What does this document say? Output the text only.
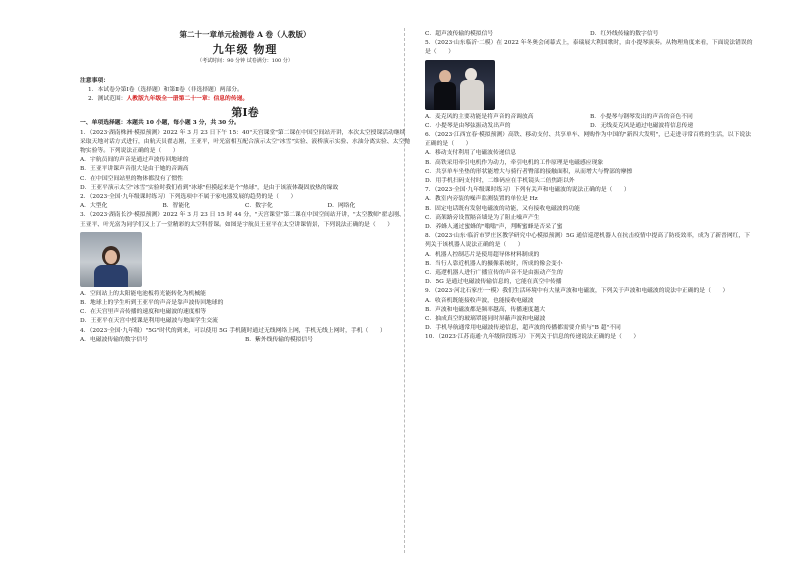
第二十一章单元检测卷 A 卷（人教版）
九年级 物理
（考试时间：90 分钟 试卷满分：100 分）
注意事项：
1．本试卷分第Ⅰ卷（选择题）和第Ⅱ卷（非选择题）两部分。
2．测试范围：人教版九年级全一册第二十一章：信息的传递。
第Ⅰ卷
一、单项选择题：本题共 10 小题，每小题 3 分，共 30 分。

1．（2023·湖南株洲·模拟预测）2022 年 3 月 23 日下午 15：40"天宫课堂"第二课在中国空间站开讲，本次太空授课活动继续采取天地对话方式进行，由航天员翟志刚，王亚平，叶光富相互配合演示太空"冰雪"实验、液桥演示实验、水油分离实验、太空抛物实验等。下列说法正确的是（　　）

A．宇航员间的声音是通过声波传回地球的

B．王亚平讲课声音很大是由于她的音调高

C．在中国空间站里的物体都没有了惯性

D．王亚平演示太空"冰雪"实验时我们看到"冰球"但摸起来是个"热球"，是由于该液体凝固放热的缘故

2．（2023·全国·九年级课时练习）下列选项中不属于家电器发展的趋势的是（　　）

A．大型化	B．智能化	C．数字化	D．网络化

3．（2023·湖南长沙·模拟预测）2022 年 3 月 23 日 15 时 44 分，"天宫课堂"第二课在中国空间站开讲，"太空教师"翟志刚、王亚平、叶光富为同学们又上了一堂精彩的太空科普课。如图是宇航员王亚平在太空讲课情景，下列说法正确的是（　　）

A．空间站上的太阳能电池板将光能转化为机械能

B．地球上的学生听到王亚平的声音是靠声波传回地球的

C．在天宫里声音传播的速度和电磁波的速度相等

D．王亚平在天宫中授课是利用电磁波与地面学生交流

4．（2023·全国·九年级）"5G"时代的到来，可以使用 5G 手机随时通过无线网络上网，手机无线上网时，手机（　　）

A．电磁波传输的数字信号	B．紫外线传输的模拟信号
C．超声波传输的模拟信号	D．红外线传输的数字信号

5．（2023·山东临沂·二模）在 2022 年冬奥会闭幕式上，泰瑞展大利国歌时，由小提琴演奏。从物理角度来看，下面说法错误的是（　　）

A．麦克风的主要功能是将声音的音调放高	B．小提琴与钢琴发出的声音的音色不同
C．小提琴是由琴弦振动发出声的	D．无线麦克风是通过电磁波将信息传递

6．（2023·江西宜春·模拟预测）高铁、移动支付、共享单车、网购作为中国的"新四大发明"，已走进寻常百姓的生活，以下说法正确的是（　　）

A．移动支付利用了电磁波传递信息

B．高铁采用牵引电机作为动力，牵引电机的工作原理是电磁感应现象

C．共享单车坐垫的形状能增大与骑行者臀部的接触面积，从而增大与臀部的摩擦

D．用手机扫码支付时，二维码应在手机镜头二倍焦距以外

7．（2023·全国·九年级课时练习）下列有关声和电磁波的说法正确的是（　　）

A．教室内旁装的噪声监测装置的单位是 Hz

B．固定电话既有发射电磁波的功能，又有接收电磁波的功能

C．高架路旁设置隔音墙是为了阻止噪声产生

D．养蜂人通过蜜蜂的"嗡嗡"声，判断蜜蜂是否采了蜜

8．（2023·山东·临沂市罗庄区教学研究中心模拟预测）5G 通信巡逻机器人在抗击疫情中提高了防疫效率，成为了新晋网红，下列关于该机器人说法正确的是（　　）

A．机器人控制芯片是使用超导体材料制成的

B．当行人靠近机器人的摄像系统时，所成的像会变小

C．巡逻机器人进行广播宣传的声音不是由振动产生的

D．5G 是通过电磁波传输信息的，它能在真空中传播

9．（2023·河北石家庄·一模）我们生活环境中有大量声波和电磁波，下列关于声波和电磁波的说法中正确的是（　　）

A．收音机既能接收声波，也能接收电磁波

B．声波和电磁波都是频率越高，传播速度越大

C．抽成真空的玻璃罩能同时屏蔽声波和电磁波

D．手机导航通常用电磁波传递信息，超声波的传播都需要介质与"B 超"不同

10．（2023·江苏南通·九年级阶段练习）下列关于信息的传递说法正确的是（　　）
